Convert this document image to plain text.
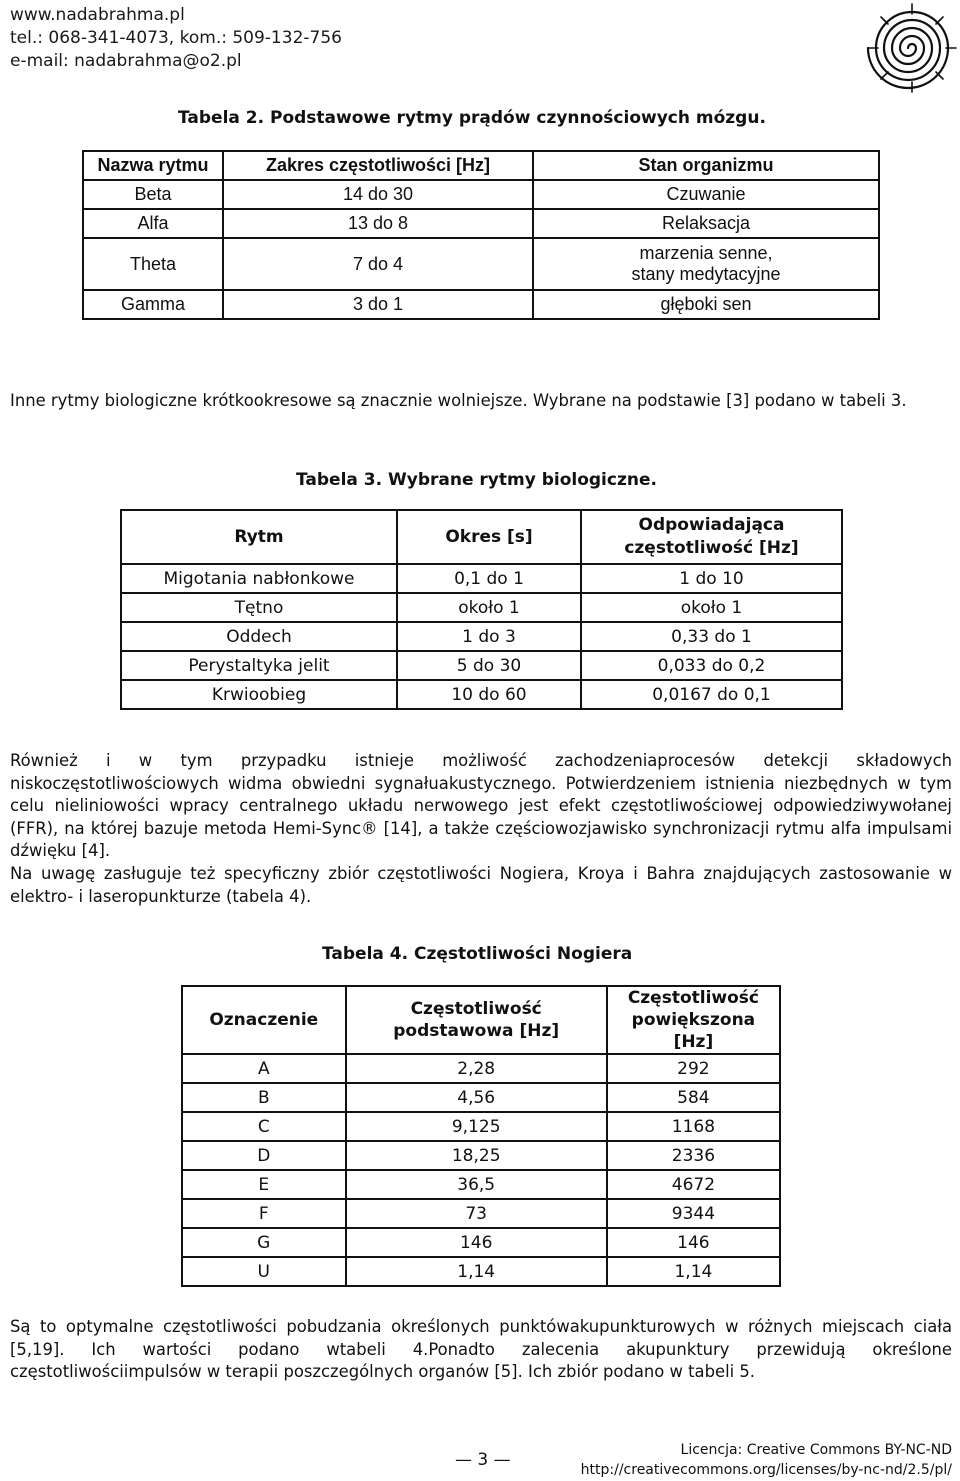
www.nadabrahma.pl
tel.: 068-341-4073, kom.: 509-132-756
e-mail: nadabrahma@o2.pl
Tabela 2. Podstawowe rytmy prądów czynnościowych mózgu.
Nazwa rytmu	Zakres częstotliwości [Hz]	Stan organizmu
Beta	14 do 30	Czuwanie
Alfa	13 do 8	Relaksacja
Theta	7 do 4	marzenia senne, stany medytacyjne
Gamma	3 do 1	głęboki sen
Inne rytmy biologiczne krótkookresowe są znacznie wolniejsze. Wybrane na podstawie [3] podano w tabeli 3.
Tabela 3. Wybrane rytmy biologiczne.
Rytm	Okres [s]	Odpowiadająca częstotliwość [Hz]
Migotania nabłonkowe	0,1 do 1	1 do 10
Tętno	około 1	około 1
Oddech	1 do 3	0,33 do 1
Perystaltyka jelit	5 do 30	0,033 do 0,2
Krwioobieg	10 do 60	0,0167 do 0,1
Również i w tym przypadku istnieje możliwość zachodzeniaprocesów detekcji składowych niskoczęstotliwościowych widma obwiedni sygnałuakustycznego. Potwierdzeniem istnienia niezbędnych w tym celu nieliniowości wpracy centralnego układu nerwowego jest efekt częstotliwościowej odpowiedziwywołanej (FFR), na której bazuje metoda Hemi-Sync® [14], a także częściowozjawisko synchronizacji rytmu alfa impulsami dźwięku [4].
Na uwagę zasługuje też specyficzny zbiór częstotliwości Nogiera, Kroya i Bahra znajdujących zastosowanie w elektro- i laseropunkturze (tabela 4).
Tabela 4. Częstotliwości Nogiera
Oznaczenie	Częstotliwość podstawowa [Hz]	Częstotliwość powiększona [Hz]
A	2,28	292
B	4,56	584
C	9,125	1168
D	18,25	2336
E	36,5	4672
F	73	9344
G	146	146
U	1,14	1,14
Są to optymalne częstotliwości pobudzania określonych punktówakupunkturowych w różnych miejscach ciała [5,19]. Ich wartości podano wtabeli 4.Ponadto zalecenia akupunktury przewidują określone częstotliwościimpulsów w terapii poszczególnych organów [5]. Ich zbiór podano w tabeli 5.
— 3 —	Licencja: Creative Commons BY-NC-ND
http://creativecommons.org/licenses/by-nc-nd/2.5/pl/
